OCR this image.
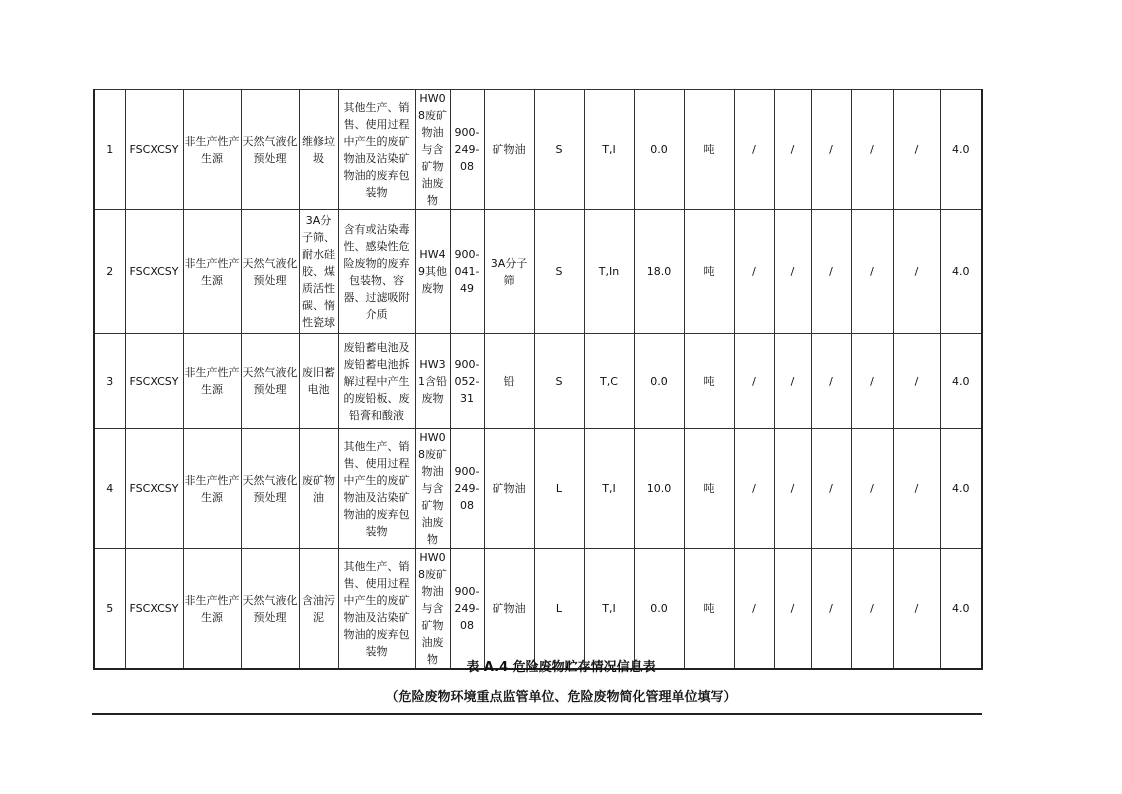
1	FSCXCSY	非生产性产生源	天然气液化预处理	维修垃圾	其他生产、销售、使用过程中产生的废矿物油及沾染矿物油的废弃包装物	HW08废矿物油与含矿物油废物	900-249-08	矿物油	S	T,I	0.0	吨	/	/	/	/	/	4.0
2	FSCXCSY	非生产性产生源	天然气液化预处理	3A分子筛、耐水硅胶、煤质活性碳、惰性瓷球	含有或沾染毒性、感染性危险废物的废弃包装物、容器、过滤吸附介质	HW49其他废物	900-041-49	3A分子筛	S	T,In	18.0	吨	/	/	/	/	/	4.0
3	FSCXCSY	非生产性产生源	天然气液化预处理	废旧蓄电池	废铅蓄电池及废铅蓄电池拆解过程中产生的废铅板、废铅膏和酸液	HW31含铅废物	900-052-31	铅	S	T,C	0.0	吨	/	/	/	/	/	4.0
4	FSCXCSY	非生产性产生源	天然气液化预处理	废矿物油	其他生产、销售、使用过程中产生的废矿物油及沾染矿物油的废弃包装物	HW08废矿物油与含矿物油废物	900-249-08	矿物油	L	T,I	10.0	吨	/	/	/	/	/	4.0
5	FSCXCSY	非生产性产生源	天然气液化预处理	含油污泥	其他生产、销售、使用过程中产生的废矿物油及沾染矿物油的废弃包装物	HW08废矿物油与含矿物油废物	900-249-08	矿物油	L	T,I	0.0	吨	/	/	/	/	/	4.0
表 A.4 危险废物贮存情况信息表
（危险废物环境重点监管单位、危险废物简化管理单位填写）
